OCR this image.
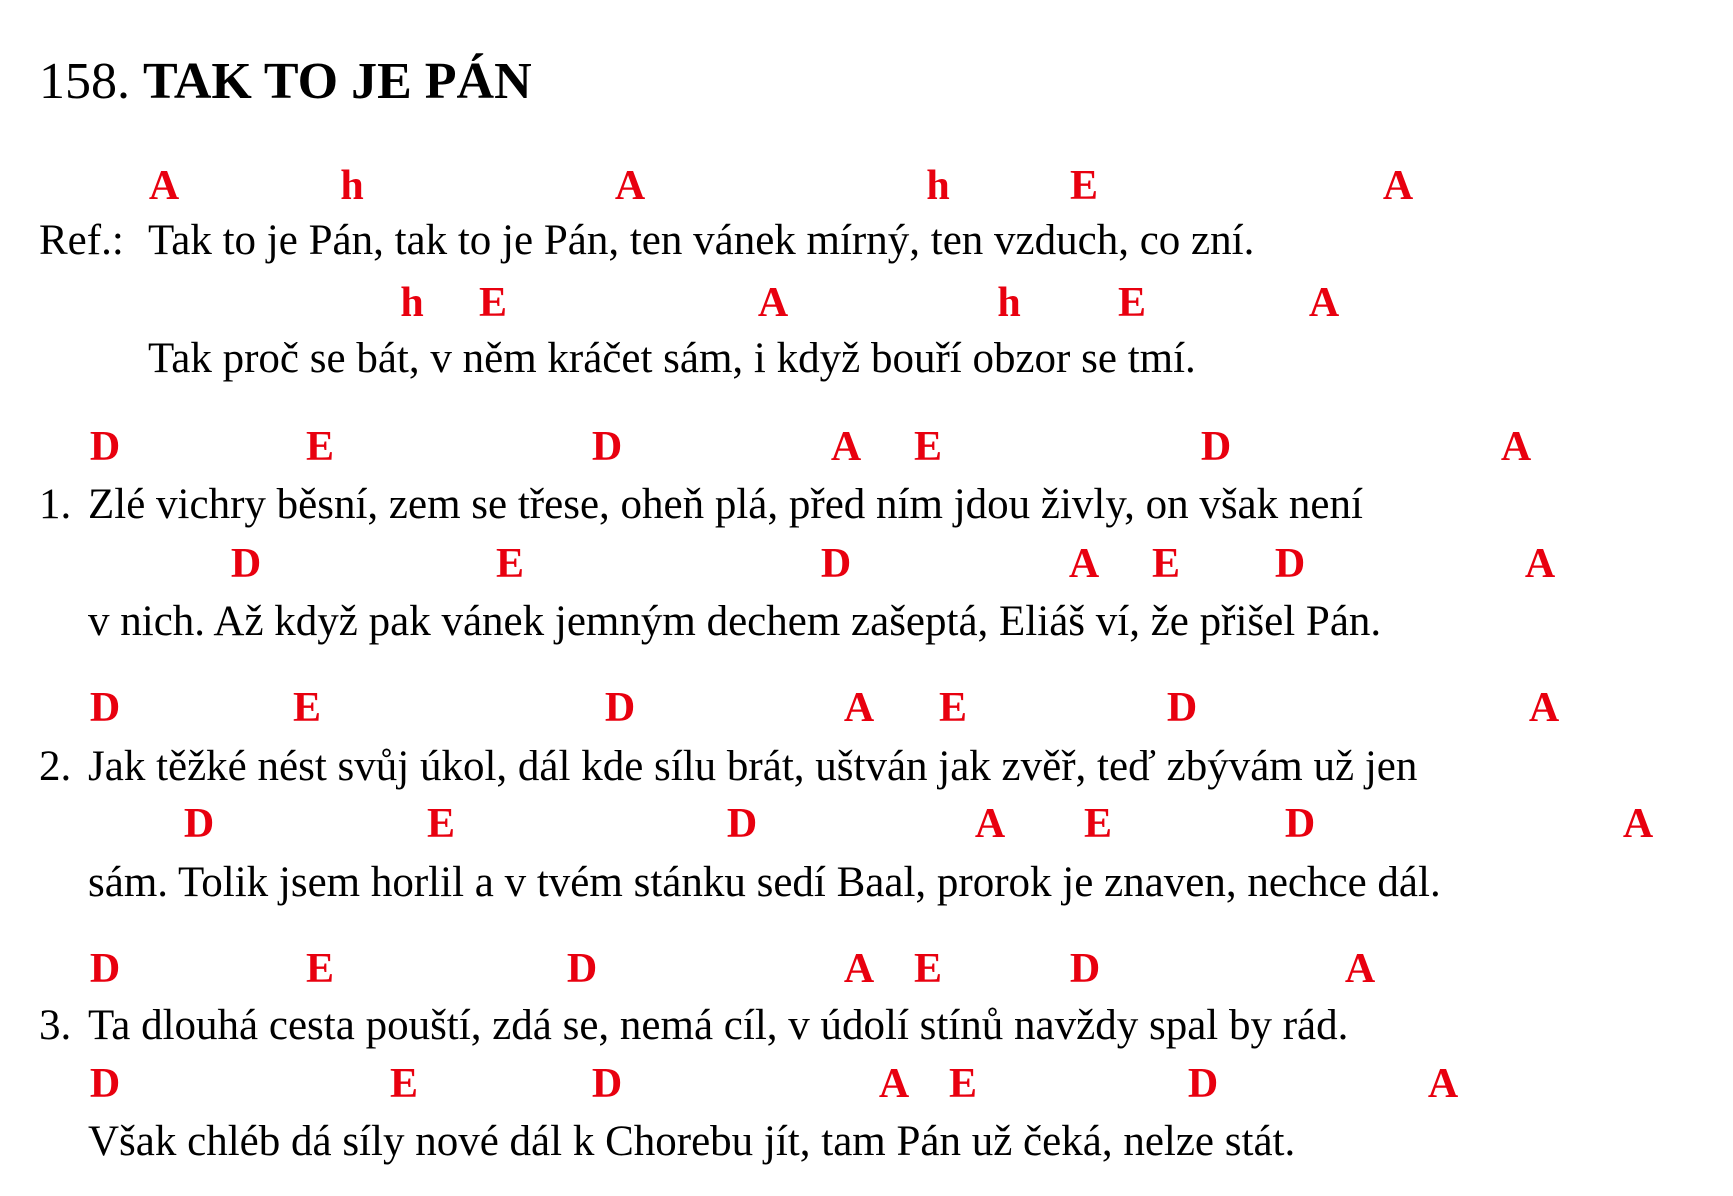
158. TAK TO JE PÁN
A	h	A	h	E	A
Ref.: Tak to je Pán, tak to je Pán, ten vánek mírný, ten vzduch, co zní.
h E	A	h E	A
Tak proč se bát, v něm kráčet sám, i když bouří obzor se tmí.
D	E	D	A E	D	A
1. Zlé vichry běsní, zem se třese, oheň plá, před ním jdou živly, on však není
D	E	D	A E D	A
v nich. Až když pak vánek jemným dechem zašeptá, Eliáš ví, že přišel Pán.
D	E	D	A E	D	A
2. Jak těžké nést svůj úkol, dál kde sílu brát, uštván jak zvěř, teď zbývám už jen
D	E	D	A E	D	A
sám. Tolik jsem horlil a v tvém stánku sedí Baal, prorok je znaven, nechce dál.
D	E	D	A E	D	A
3. Ta dlouhá cesta pouští, zdá se, nemá cíl, v údolí stínů navždy spal by rád.
D	E	D	A E	D	A
Však chléb dá síly nové dál k Chorebu jít, tam Pán už čeká, nelze stát.
